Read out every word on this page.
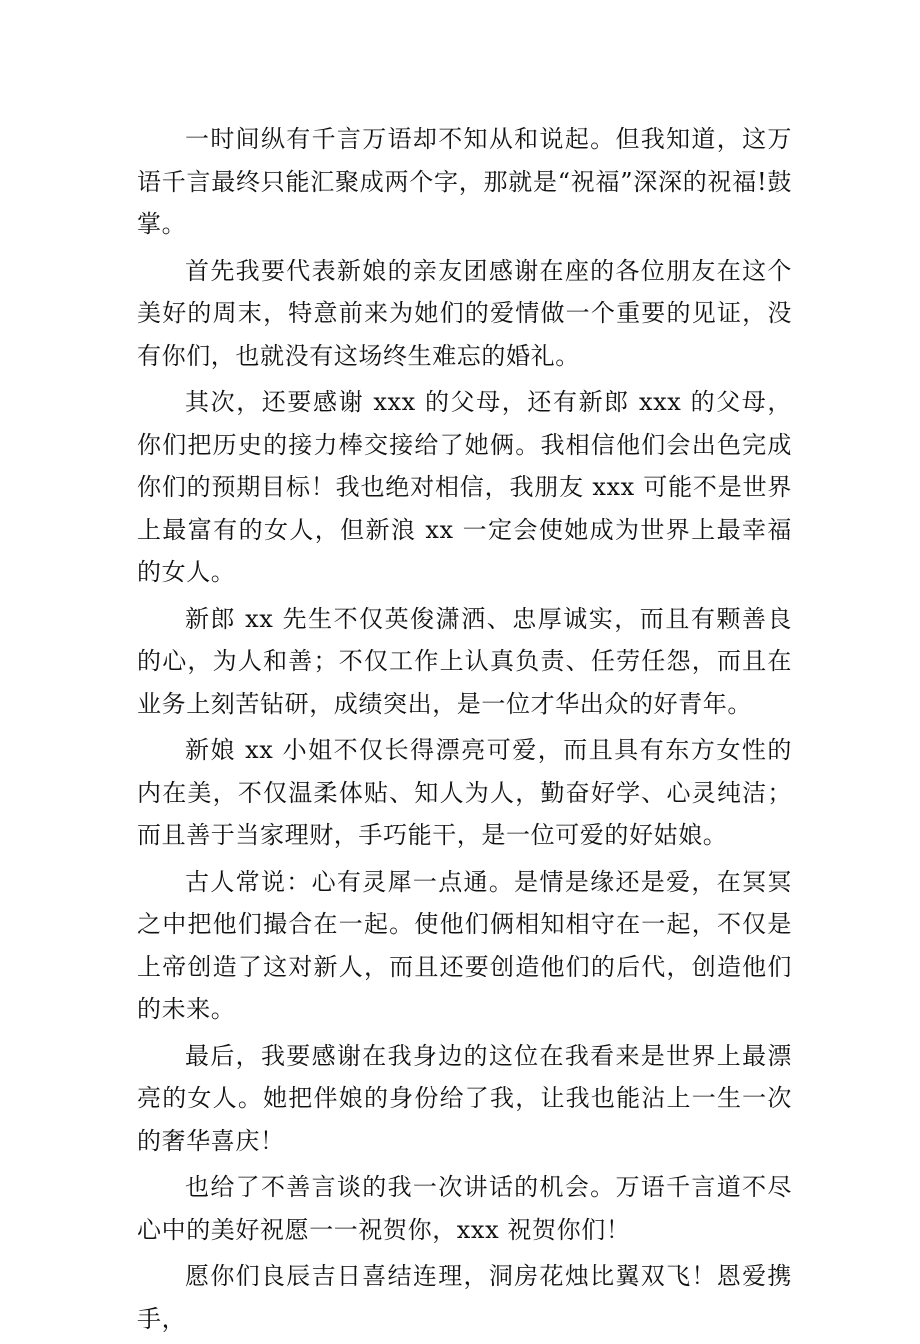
一时间纵有千言万语却不知从和说起。但我知道，这万语千言最终只能汇聚成两个字，那就是“祝福”深深的祝福!鼓掌。

首先我要代表新娘的亲友团感谢在座的各位朋友在这个美好的周末，特意前来为她们的爱情做一个重要的见证，没有你们，也就没有这场终生难忘的婚礼。

其次，还要感谢 xxx 的父母，还有新郎 xxx 的父母，你们把历史的接力棒交接给了她俩。我相信他们会出色完成你们的预期目标！我也绝对相信，我朋友 xxx 可能不是世界上最富有的女人，但新浪 xx 一定会使她成为世界上最幸福的女人。

新郎 xx 先生不仅英俊潇洒、忠厚诚实，而且有颗善良的心，为人和善；不仅工作上认真负责、任劳任怨，而且在业务上刻苦钻研，成绩突出，是一位才华出众的好青年。

新娘 xx 小姐不仅长得漂亮可爱，而且具有东方女性的内在美，不仅温柔体贴、知人为人，勤奋好学、心灵纯洁；而且善于当家理财，手巧能干，是一位可爱的好姑娘。

古人常说：心有灵犀一点通。是情是缘还是爱，在冥冥之中把他们撮合在一起。使他们俩相知相守在一起，不仅是上帝创造了这对新人，而且还要创造他们的后代，创造他们的未来。

最后，我要感谢在我身边的这位在我看来是世界上最漂亮的女人。她把伴娘的身份给了我，让我也能沾上一生一次的奢华喜庆！

也给了不善言谈的我一次讲话的机会。万语千言道不尽心中的美好祝愿一一祝贺你，xxx 祝贺你们！

愿你们良辰吉日喜结连理，洞房花烛比翼双飞！恩爱携手，
